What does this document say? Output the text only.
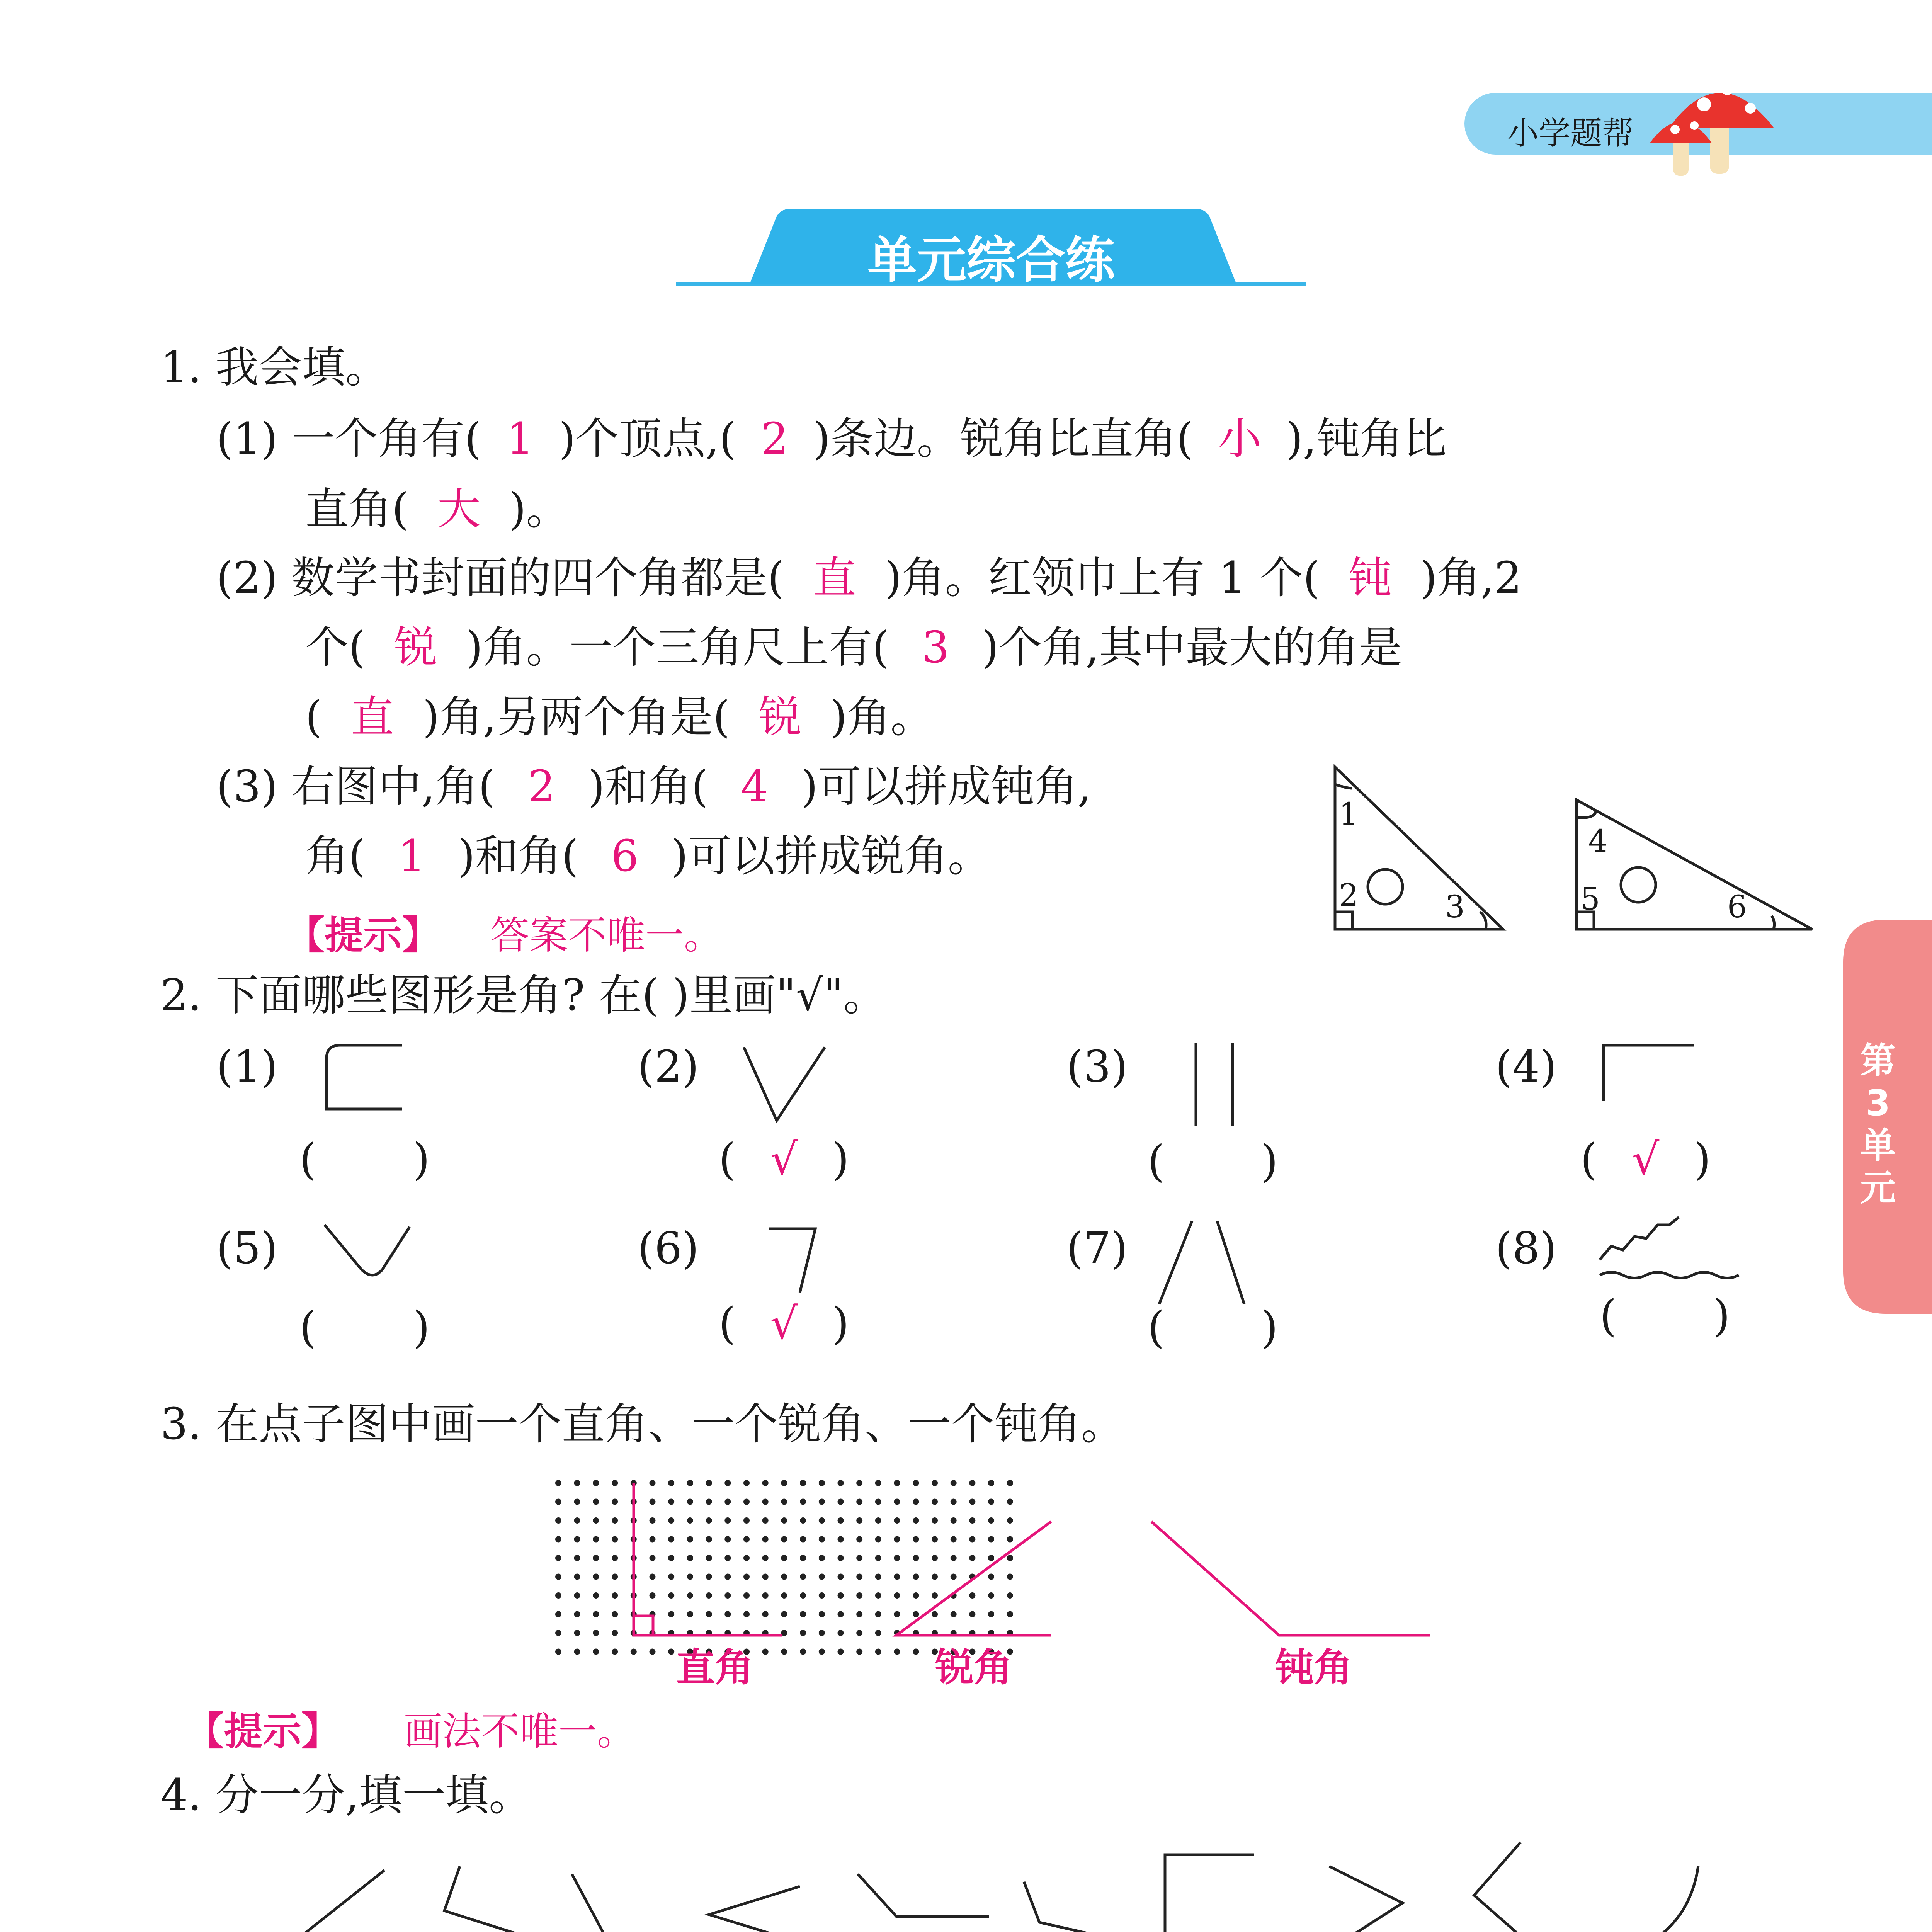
小学题帮
单元综合练
第
3
单
元
1. 我会填。
(1) 一个角有( 1 )个顶点,( 2 )条边。锐角比直角( 小 ),钝角比
直角( 大 )。
(2) 数学书封面的四个角都是( 直 )角。红领巾上有 1 个( 钝 )角,2
个( 锐 )角。一个三角尺上有( 3 )个角,其中最大的角是
( 直 )角,另两个角是( 锐 )角。
(3) 右图中,角( 2 )和角( 4 )可以拼成钝角,
角( 1 )和角( 6 )可以拼成锐角。
【提示】 答案不唯一。
1
2	3
4
5	6
2. 下面哪些图形是角? 在( )里画"√"。
(1)	(2)	(3)	(4)
(5)	(6)	(7)	(8)
( )	( √ )	( )	( √ )
( )	( √ )	( )	( )
3. 在点子图中画一个直角、一个锐角、一个钝角。
直角	锐角	钝角
【提示】 画法不唯一。
4. 分一分,填一填。
